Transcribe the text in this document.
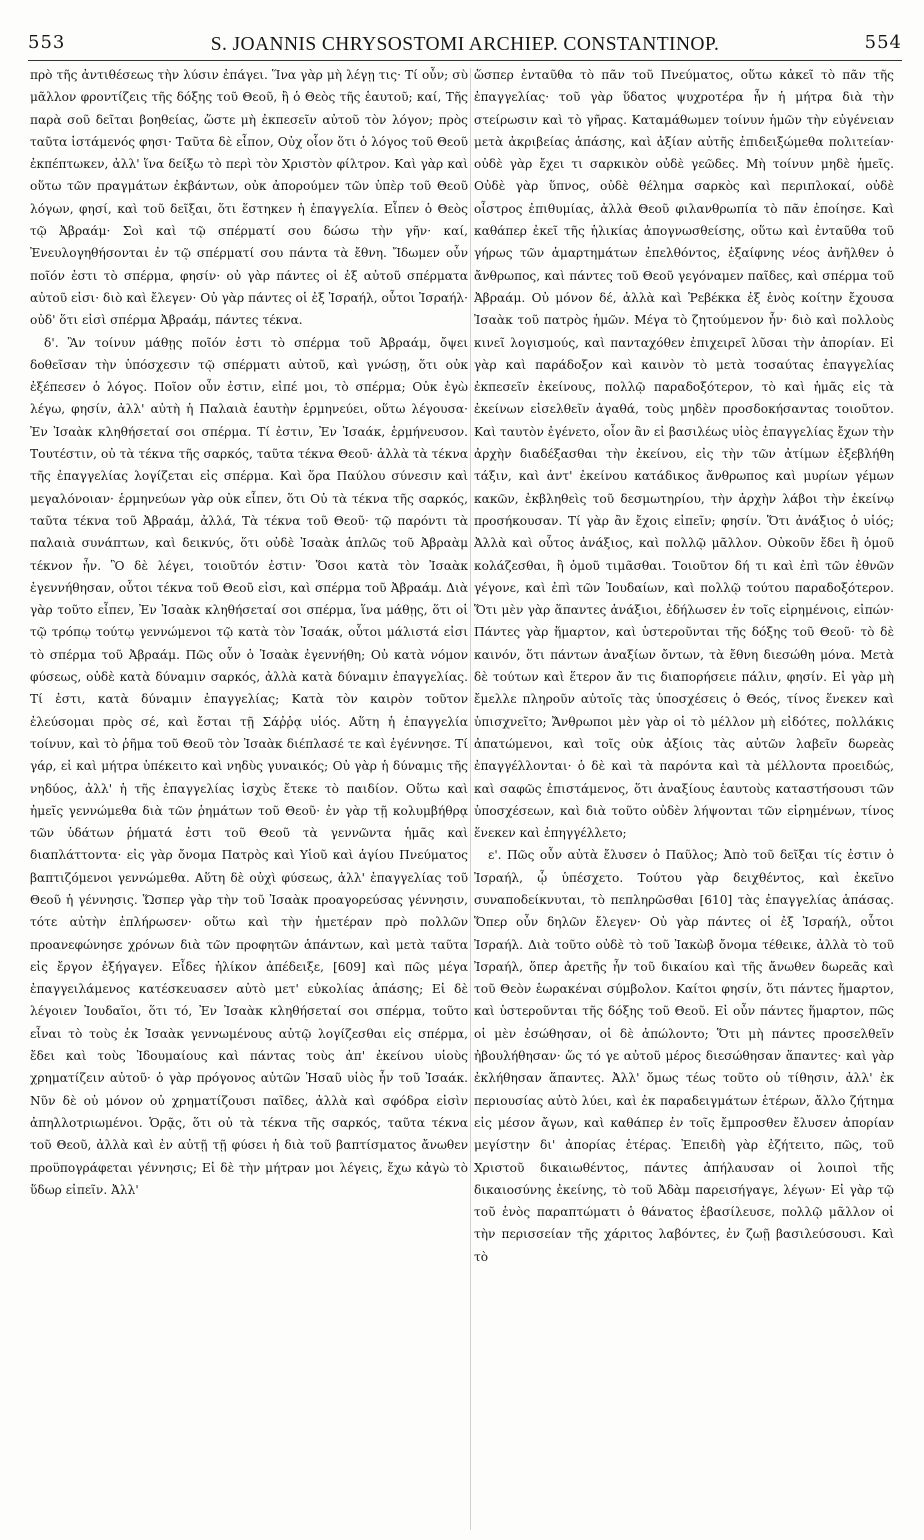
553	S. JOANNIS CHRYSOSTOMI ARCHIEP. CONSTANTINOP.	554

πρὸ τῆς ἀντιθέσεως τὴν λύσιν ἐπάγει. Ἵνα γὰρ μὴ λέγῃ τις· Τί οὖν; σὺ μᾶλλον φροντίζεις τῆς δόξης τοῦ Θεοῦ, ἢ ὁ Θεὸς τῆς ἑαυτοῦ; καί, Τῆς παρὰ σοῦ δεῖται βοηθείας, ὥστε μὴ ἐκπεσεῖν αὐτοῦ τὸν λόγον; πρὸς ταῦτα ἱστάμενός φησι· Ταῦτα δὲ εἶπον, Οὐχ οἷον ὅτι ὁ λόγος τοῦ Θεοῦ ἐκπέπτωκεν, ἀλλ' ἵνα δείξω τὸ περὶ τὸν Χριστὸν φίλτρον. Καὶ γὰρ καὶ οὕτω τῶν πραγμάτων ἐκβάντων, οὐκ ἀπορούμεν τῶν ὑπὲρ τοῦ Θεοῦ λόγων, φησί, καὶ τοῦ δεῖξαι, ὅτι ἕστηκεν ἡ ἐπαγγελία. Εἶπεν ὁ Θεὸς τῷ Ἀβραάμ· Σοὶ καὶ τῷ σπέρματί σου δώσω τὴν γῆν· καί, Ἐνευλογηθήσονται ἐν τῷ σπέρματί σου πάντα τὰ ἔθνη. Ἴδωμεν οὖν ποῖόν ἐστι τὸ σπέρμα, φησίν· οὐ γὰρ πάντες οἱ ἐξ αὐτοῦ σπέρματα αὐτοῦ εἰσι· διὸ καὶ ἔλεγεν· Οὐ γὰρ πάντες οἱ ἐξ Ἰσραήλ, οὗτοι Ἰσραήλ· οὐδ' ὅτι εἰσὶ σπέρμα Ἀβραάμ, πάντες τέκνα.

δ'. Ἂν τοίνυν μάθῃς ποῖόν ἐστι τὸ σπέρμα τοῦ Ἀβραάμ, ὄψει δοθεῖσαν τὴν ὑπόσχεσιν τῷ σπέρματι αὐτοῦ, καὶ γνώσῃ, ὅτι οὐκ ἐξέπεσεν ὁ λόγος. Ποῖον οὖν ἐστιν, εἰπέ μοι, τὸ σπέρμα; Οὐκ ἐγὼ λέγω, φησίν, ἀλλ' αὐτὴ ἡ Παλαιὰ ἑαυτὴν ἑρμηνεύει, οὕτω λέγουσα· Ἐν Ἰσαὰκ κληθήσεταί σοι σπέρμα. Τί ἐστιν, Ἐν Ἰσαάκ, ἑρμήνευσον. Τουτέστιν, οὐ τὰ τέκνα τῆς σαρκός, ταῦτα τέκνα Θεοῦ· ἀλλὰ τὰ τέκνα τῆς ἐπαγγελίας λογίζεται εἰς σπέρμα. Καὶ ὅρα Παύλου σύνεσιν καὶ μεγαλόνοιαν· ἑρμηνεύων γὰρ οὐκ εἶπεν, ὅτι Οὐ τὰ τέκνα τῆς σαρκός, ταῦτα τέκνα τοῦ Ἀβραάμ, ἀλλά, Τὰ τέκνα τοῦ Θεοῦ· τῷ παρόντι τὰ παλαιὰ συνάπτων, καὶ δεικνύς, ὅτι οὐδὲ Ἰσαὰκ ἁπλῶς τοῦ Ἀβραὰμ τέκνον ἦν. Ὃ δὲ λέγει, τοιοῦτόν ἐστιν· Ὅσοι κατὰ τὸν Ἰσαὰκ ἐγεννήθησαν, οὗτοι τέκνα τοῦ Θεοῦ εἰσι, καὶ σπέρμα τοῦ Ἀβραάμ. Διὰ γὰρ τοῦτο εἶπεν, Ἐν Ἰσαὰκ κληθήσεταί σοι σπέρμα, ἵνα μάθῃς, ὅτι οἱ τῷ τρόπῳ τούτῳ γεννώμενοι τῷ κατὰ τὸν Ἰσαάκ, οὗτοι μάλιστά εἰσι τὸ σπέρμα τοῦ Ἀβραάμ. Πῶς οὖν ὁ Ἰσαὰκ ἐγεννήθη; Οὐ κατὰ νόμον φύσεως, οὐδὲ κατὰ δύναμιν σαρκός, ἀλλὰ κατὰ δύναμιν ἐπαγγελίας. Τί ἐστι, κατὰ δύναμιν ἐπαγγελίας; Κατὰ τὸν καιρὸν τοῦτον ἐλεύσομαι πρὸς σέ, καὶ ἔσται τῇ Σάῤῥᾳ υἱός. Αὕτη ἡ ἐπαγγελία τοίνυν, καὶ τὸ ῥῆμα τοῦ Θεοῦ τὸν Ἰσαὰκ διέπλασέ τε καὶ ἐγέννησε. Τί γάρ, εἰ καὶ μήτρα ὑπέκειτο καὶ νηδὺς γυναικός; Οὐ γὰρ ἡ δύναμις τῆς νηδύος, ἀλλ' ἡ τῆς ἐπαγγελίας ἰσχὺς ἔτεκε τὸ παιδίον. Οὕτω καὶ ἡμεῖς γεννώμεθα διὰ τῶν ῥημάτων τοῦ Θεοῦ· ἐν γὰρ τῇ κολυμβήθρᾳ τῶν ὑδάτων ῥήματά ἐστι τοῦ Θεοῦ τὰ γεννῶντα ἡμᾶς καὶ διαπλάττοντα· εἰς γὰρ ὄνομα Πατρὸς καὶ Υἱοῦ καὶ ἁγίου Πνεύματος βαπτιζόμενοι γεννώμεθα. Αὕτη δὲ οὐχὶ φύσεως, ἀλλ' ἐπαγγελίας τοῦ Θεοῦ ἡ γέννησις. Ὥσπερ γὰρ τὴν τοῦ Ἰσαὰκ προαγορεύσας γέννησιν, τότε αὐτὴν ἐπλήρωσεν· οὕτω καὶ τὴν ἡμετέραν πρὸ πολλῶν προανεφώνησε χρόνων διὰ τῶν προφητῶν ἁπάντων, καὶ μετὰ ταῦτα εἰς ἔργον ἐξήγαγεν. Εἶδες ἡλίκον ἀπέδειξε, [609] καὶ πῶς μέγα ἐπαγγειλάμενος κατέσκευασεν αὐτὸ μετ' εὐκολίας ἁπάσης; Εἰ δὲ λέγοιεν Ἰουδαῖοι, ὅτι τό, Ἐν Ἰσαὰκ κληθήσεταί σοι σπέρμα, τοῦτο εἶναι τὸ τοὺς ἐκ Ἰσαὰκ γεννωμένους αὐτῷ λογίζεσθαι εἰς σπέρμα, ἔδει καὶ τοὺς Ἰδουμαίους καὶ πάντας τοὺς ἀπ' ἐκείνου υἱοὺς χρηματίζειν αὐτοῦ· ὁ γὰρ πρόγονος αὐτῶν Ἡσαῦ υἱὸς ἦν τοῦ Ἰσαάκ. Νῦν δὲ οὐ μόνον οὐ χρηματίζουσι παῖδες, ἀλλὰ καὶ σφόδρα εἰσὶν ἀπηλλοτριωμένοι. Ὁρᾷς, ὅτι οὐ τὰ τέκνα τῆς σαρκός, ταῦτα τέκνα τοῦ Θεοῦ, ἀλλὰ καὶ ἐν αὐτῇ τῇ φύσει ἡ διὰ τοῦ βαπτίσματος ἄνωθεν προϋπογράφεται γέννησις; Εἰ δὲ τὴν μήτραν μοι λέγεις, ἔχω κἀγὼ τὸ ὕδωρ εἰπεῖν. Ἀλλ'

ὥσπερ ἐνταῦθα τὸ πᾶν τοῦ Πνεύματος, οὕτω κἀκεῖ τὸ πᾶν τῆς ἐπαγγελίας· τοῦ γὰρ ὕδατος ψυχροτέρα ἦν ἡ μήτρα διὰ τὴν στείρωσιν καὶ τὸ γῆρας. Καταμάθωμεν τοίνυν ἡμῶν τὴν εὐγένειαν μετὰ ἀκριβείας ἁπάσης, καὶ ἀξίαν αὐτῆς ἐπιδειξώμεθα πολιτείαν· οὐδὲ γὰρ ἔχει τι σαρκικὸν οὐδὲ γεῶδες. Μὴ τοίνυν μηδὲ ἡμεῖς. Οὐδὲ γὰρ ὕπνος, οὐδὲ θέλημα σαρκὸς καὶ περιπλοκαί, οὐδὲ οἶστρος ἐπιθυμίας, ἀλλὰ Θεοῦ φιλανθρωπία τὸ πᾶν ἐποίησε. Καὶ καθάπερ ἐκεῖ τῆς ἡλικίας ἀπογνωσθείσης, οὕτω καὶ ἐνταῦθα τοῦ γήρως τῶν ἁμαρτημάτων ἐπελθόντος, ἐξαίφνης νέος ἀνῆλθεν ὁ ἄνθρωπος, καὶ πάντες τοῦ Θεοῦ γεγόναμεν παῖδες, καὶ σπέρμα τοῦ Ἀβραάμ. Οὐ μόνον δέ, ἀλλὰ καὶ Ῥεβέκκα ἐξ ἑνὸς κοίτην ἔχουσα Ἰσαὰκ τοῦ πατρὸς ἡμῶν. Μέγα τὸ ζητούμενον ἦν· διὸ καὶ πολλοὺς κινεῖ λογισμούς, καὶ πανταχόθεν ἐπιχειρεῖ λῦσαι τὴν ἀπορίαν. Εἰ γὰρ καὶ παράδοξον καὶ καινὸν τὸ μετὰ τοσαύτας ἐπαγγελίας ἐκπεσεῖν ἐκείνους, πολλῷ παραδοξότερον, τὸ καὶ ἡμᾶς εἰς τὰ ἐκείνων εἰσελθεῖν ἀγαθά, τοὺς μηδὲν προσδοκήσαντας τοιοῦτον. Καὶ ταυτὸν ἐγένετο, οἷον ἂν εἰ βασιλέως υἱὸς ἐπαγγελίας ἔχων τὴν ἀρχὴν διαδέξασθαι τὴν ἐκείνου, εἰς τὴν τῶν ἀτίμων ἐξεβλήθη τάξιν, καὶ ἀντ' ἐκείνου κατάδικος ἄνθρωπος καὶ μυρίων γέμων κακῶν, ἐκβληθεὶς τοῦ δεσμωτηρίου, τὴν ἀρχὴν λάβοι τὴν ἐκείνῳ προσήκουσαν. Τί γὰρ ἂν ἔχοις εἰπεῖν; φησίν. Ὅτι ἀνάξιος ὁ υἱός; Ἀλλὰ καὶ οὗτος ἀνάξιος, καὶ πολλῷ μᾶλλον. Οὐκοῦν ἔδει ἢ ὁμοῦ κολάζεσθαι, ἢ ὁμοῦ τιμᾶσθαι. Τοιοῦτον δή τι καὶ ἐπὶ τῶν ἐθνῶν γέγονε, καὶ ἐπὶ τῶν Ἰουδαίων, καὶ πολλῷ τούτου παραδοξότερον. Ὅτι μὲν γὰρ ἅπαντες ἀνάξιοι, ἐδήλωσεν ἐν τοῖς εἰρημένοις, εἰπών· Πάντες γὰρ ἥμαρτον, καὶ ὑστεροῦνται τῆς δόξης τοῦ Θεοῦ· τὸ δὲ καινόν, ὅτι πάντων ἀναξίων ὄντων, τὰ ἔθνη διεσώθη μόνα. Μετὰ δὲ τούτων καὶ ἕτερον ἄν τις διαπορήσειε πάλιν, φησίν. Εἰ γὰρ μὴ ἔμελλε πληροῦν αὐτοῖς τὰς ὑποσχέσεις ὁ Θεός, τίνος ἕνεκεν καὶ ὑπισχνεῖτο; Ἄνθρωποι μὲν γὰρ οἱ τὸ μέλλον μὴ εἰδότες, πολλάκις ἀπατώμενοι, καὶ τοῖς οὐκ ἀξίοις τὰς αὐτῶν λαβεῖν δωρεὰς ἐπαγγέλλονται· ὁ δὲ καὶ τὰ παρόντα καὶ τὰ μέλλοντα προειδώς, καὶ σαφῶς ἐπιστάμενος, ὅτι ἀναξίους ἑαυτοὺς καταστήσουσι τῶν ὑποσχέσεων, καὶ διὰ τοῦτο οὐδὲν λήψονται τῶν εἰρημένων, τίνος ἕνεκεν καὶ ἐπηγγέλλετο;

ε'. Πῶς οὖν αὐτὰ ἔλυσεν ὁ Παῦλος; Ἀπὸ τοῦ δεῖξαι τίς ἐστιν ὁ Ἰσραήλ, ᾧ ὑπέσχετο. Τούτου γὰρ δειχθέντος, καὶ ἐκεῖνο συναποδείκνυται, τὸ πεπληρῶσθαι [610] τὰς ἐπαγγελίας ἁπάσας. Ὅπερ οὖν δηλῶν ἔλεγεν· Οὐ γὰρ πάντες οἱ ἐξ Ἰσραήλ, οὗτοι Ἰσραήλ. Διὰ τοῦτο οὐδὲ τὸ τοῦ Ἰακὼβ ὄνομα τέθεικε, ἀλλὰ τὸ τοῦ Ἰσραήλ, ὅπερ ἀρετῆς ἦν τοῦ δικαίου καὶ τῆς ἄνωθεν δωρεᾶς καὶ τοῦ Θεὸν ἑωρακέναι σύμβολον. Καίτοι φησίν, ὅτι πάντες ἥμαρτον, καὶ ὑστεροῦνται τῆς δόξης τοῦ Θεοῦ. Εἰ οὖν πάντες ἥμαρτον, πῶς οἱ μὲν ἐσώθησαν, οἱ δὲ ἀπώλοντο; Ὅτι μὴ πάντες προσελθεῖν ἠβουλήθησαν· ὥς τό γε αὐτοῦ μέρος διεσώθησαν ἅπαντες· καὶ γὰρ ἐκλήθησαν ἅπαντες. Ἀλλ' ὅμως τέως τοῦτο οὐ τίθησιν, ἀλλ' ἐκ περιουσίας αὐτὸ λύει, καὶ ἐκ παραδειγμάτων ἑτέρων, ἄλλο ζήτημα εἰς μέσον ἄγων, καὶ καθάπερ ἐν τοῖς ἔμπροσθεν ἔλυσεν ἀπορίαν μεγίστην δι' ἀπορίας ἑτέρας. Ἐπειδὴ γὰρ ἐζήτειτο, πῶς, τοῦ Χριστοῦ δικαιωθέντος, πάντες ἀπήλαυσαν οἱ λοιποὶ τῆς δικαιοσύνης ἐκείνης, τὸ τοῦ Ἀδὰμ παρεισήγαγε, λέγων· Εἰ γὰρ τῷ τοῦ ἑνὸς παραπτώματι ὁ θάνατος ἐβασίλευσε, πολλῷ μᾶλλον οἱ τὴν περισσείαν τῆς χάριτος λαβόντες, ἐν ζωῇ βασιλεύσουσι. Καὶ τὸ
